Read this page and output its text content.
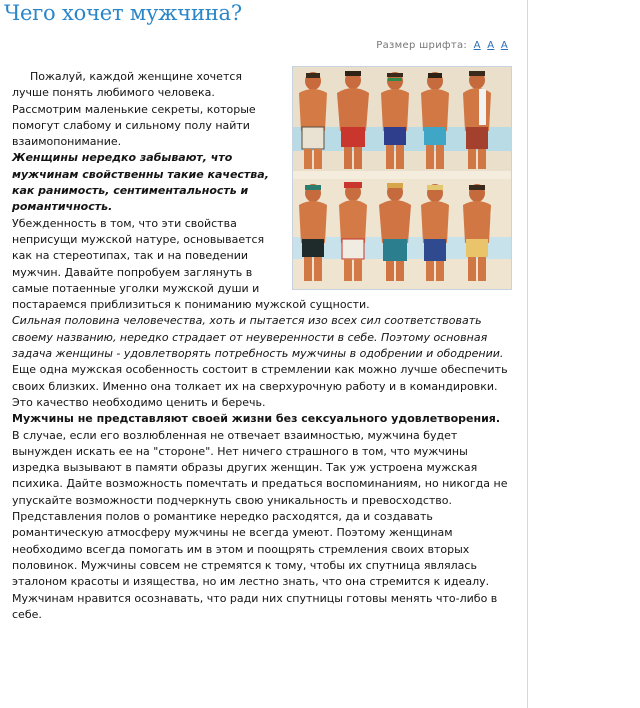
Чего хочет мужчина?
Размер шрифта: A A A

Пожалуй, каждой женщине хочется лучше понять любимого человека. Рассмотрим маленькие секреты, которые помогут слабому и сильному полу найти взаимопонимание.

Женщины нередко забывают, что мужчинам свойственны такие качества, как ранимость, сентиментальность и романтичность.

Убежденность в том, что эти свойства неприсущи мужской натуре, основывается как на стереотипах, так и на поведении мужчин. Давайте попробуем заглянуть в самые потаенные уголки мужской души и

постараемся приблизиться к пониманию мужской сущности.

Сильная половина человечества, хоть и пытается изо всех сил соответствовать своему названию, нередко страдает от неуверенности в себе. Поэтому основная задача женщины - удовлетворять потребность мужчины в одобрении и ободрении.

Еще одна мужская особенность состоит в стремлении как можно лучше обеспечить своих близких. Именно она толкает их на сверхурочную работу и в командировки. Это качество необходимо ценить и беречь.

Мужчины не представляют своей жизни без сексуального удовлетворения.

В случае, если его возлюбленная не отвечает взаимностью, мужчина будет вынужден искать ее на "стороне". Нет ничего страшного в том, что мужчины изредка вызывают в памяти образы других женщин. Так уж устроена мужская психика. Дайте возможность помечтать и предаться воспоминаниям, но никогда не упускайте возможности подчеркнуть свою уникальность и превосходство.

Представления полов о романтике нередко расходятся, да и создавать романтическую атмосферу мужчины не всегда умеют. Поэтому женщинам необходимо всегда помогать им в этом и поощрять стремления своих вторых половинок. Мужчины совсем не стремятся к тому, чтобы их спутница являлась эталоном красоты и изящества, но им лестно знать, что она стремится к идеалу. Мужчинам нравится осознавать, что ради них спутницы готовы менять что-либо в себе.
